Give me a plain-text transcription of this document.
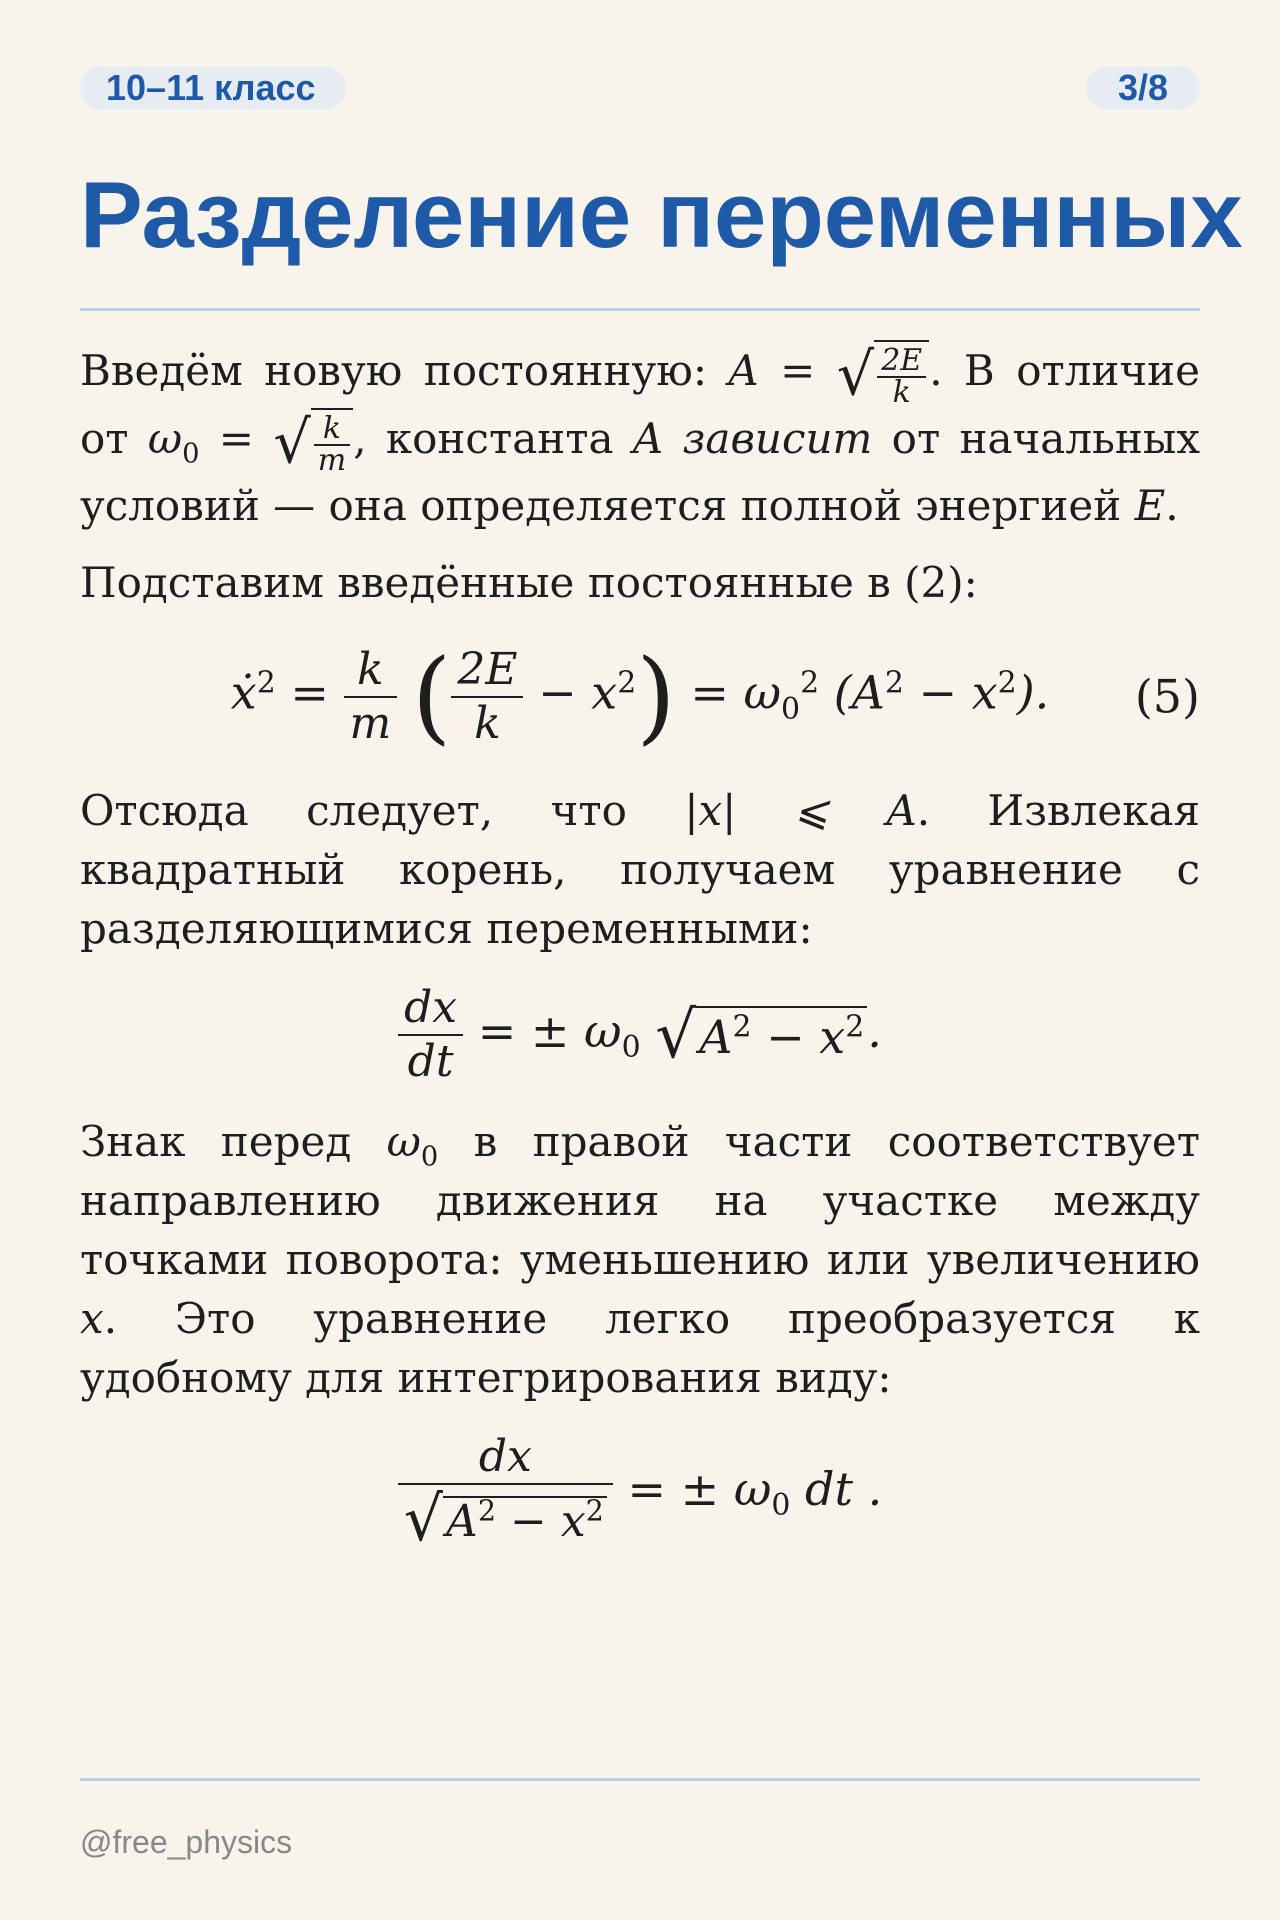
10–11 класс	3/8
Разделение переменных

Введём новую постоянную: A = √ $\frac{2E}{k}$ . В отличие от $\omega_0$ = √ $\frac{k}{m}$ , константа A зависит от начальных условий — она определяется полной энергией E.

Подставим введённые постоянные в (2):

ẋ$^2$ = $\frac{k}{m}$ ( $\frac{2E}{k} - x^2) = \omega_0^2$ $(A^2 - x^2)$. (5)

Отсюда следует, что |x| ⩽ A. Извлекая квадратный корень, получаем уравнение с разделяющимися переменными:

$\frac{dx}{dt}$ = ± $\omega_0$ $√A^2 - x^2$.

Знак перед $\omega_0$ в правой части соответствует направлению движения на участке между точками поворота: уменьшению или увеличению x. Это уравнение легко преобразуется к удобному для интегрирования виду:

$\frac{dx}{√A^2 - x^2}$ = ± $\omega_0$ dt .
@free_physics
